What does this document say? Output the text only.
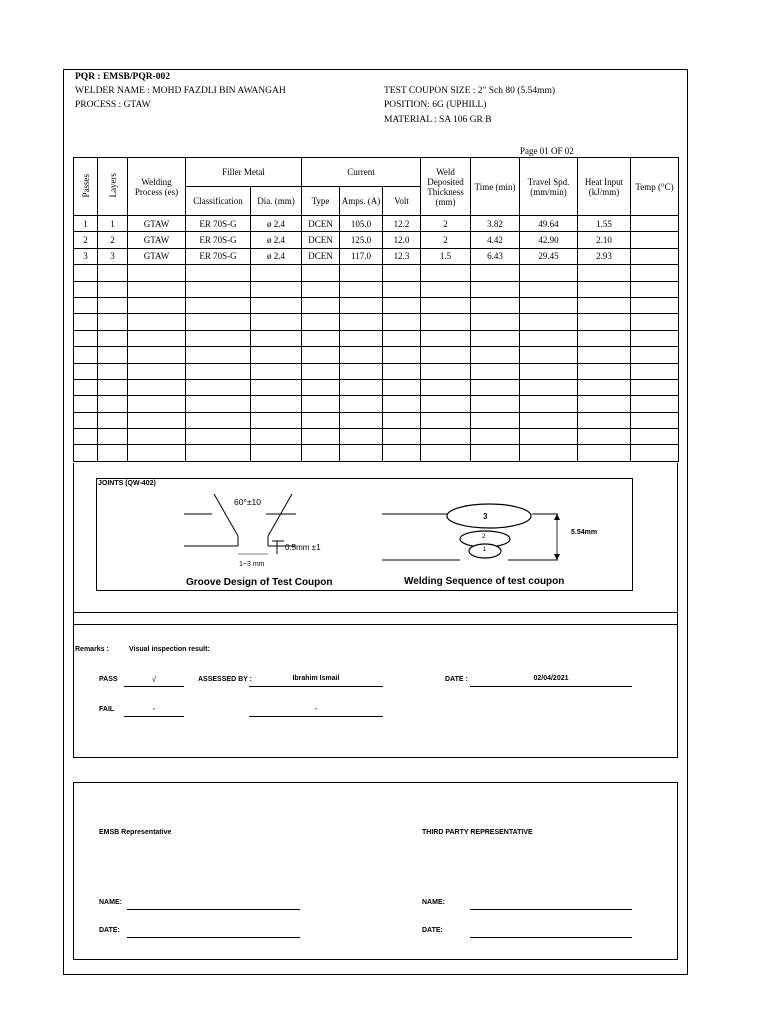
PQR : EMSB/PQR-002
WELDER NAME : MOHD FAZDLI BIN AWANGAH
PROCESS : GTAW
TEST COUPON SIZE : 2" Sch 80 (5.54mm)
POSITION: 6G (UPHILL)
MATERIAL : SA 106 GR B
Page 01 OF 02
Passes	Layers	Welding Process (es)	Filler Metal		Current			Weld Deposited Thickness (mm)	Time (min)	Travel Spd. (mm/min)	Heat Input (kJ/mm)	Temp (°C)
			Classification	Dia. (mm)	Type	Amps. (A)	Volt					
1	1	GTAW	ER 70S-G	ø 2.4	DCEN	105.0	12.2	2	3.82	49.64	1.55	
2	2	GTAW	ER 70S-G	ø 2.4	DCEN	125.0	12.0	2	4.42	42.90	2.10	
3	3	GTAW	ER 70S-G	ø 2.4	DCEN	117.0	12.3	1.5	6.43	29.45	2.93	

JOINTS (QW-402)
60°±10
0.5mm ±1
1~3 mm
3
2
1
5.54mm
Groove Design of Test Coupon	Welding Sequence of test coupon
Remarks :	Visual inspection result:
PASS	√	ASSESSED BY :	Ibrahim Ismail	DATE :	02/04/2021
FAIL	-	-
EMSB Representative	THIRD PARTY REPRESENTATIVE
NAME:
DATE:
NAME:
DATE:
